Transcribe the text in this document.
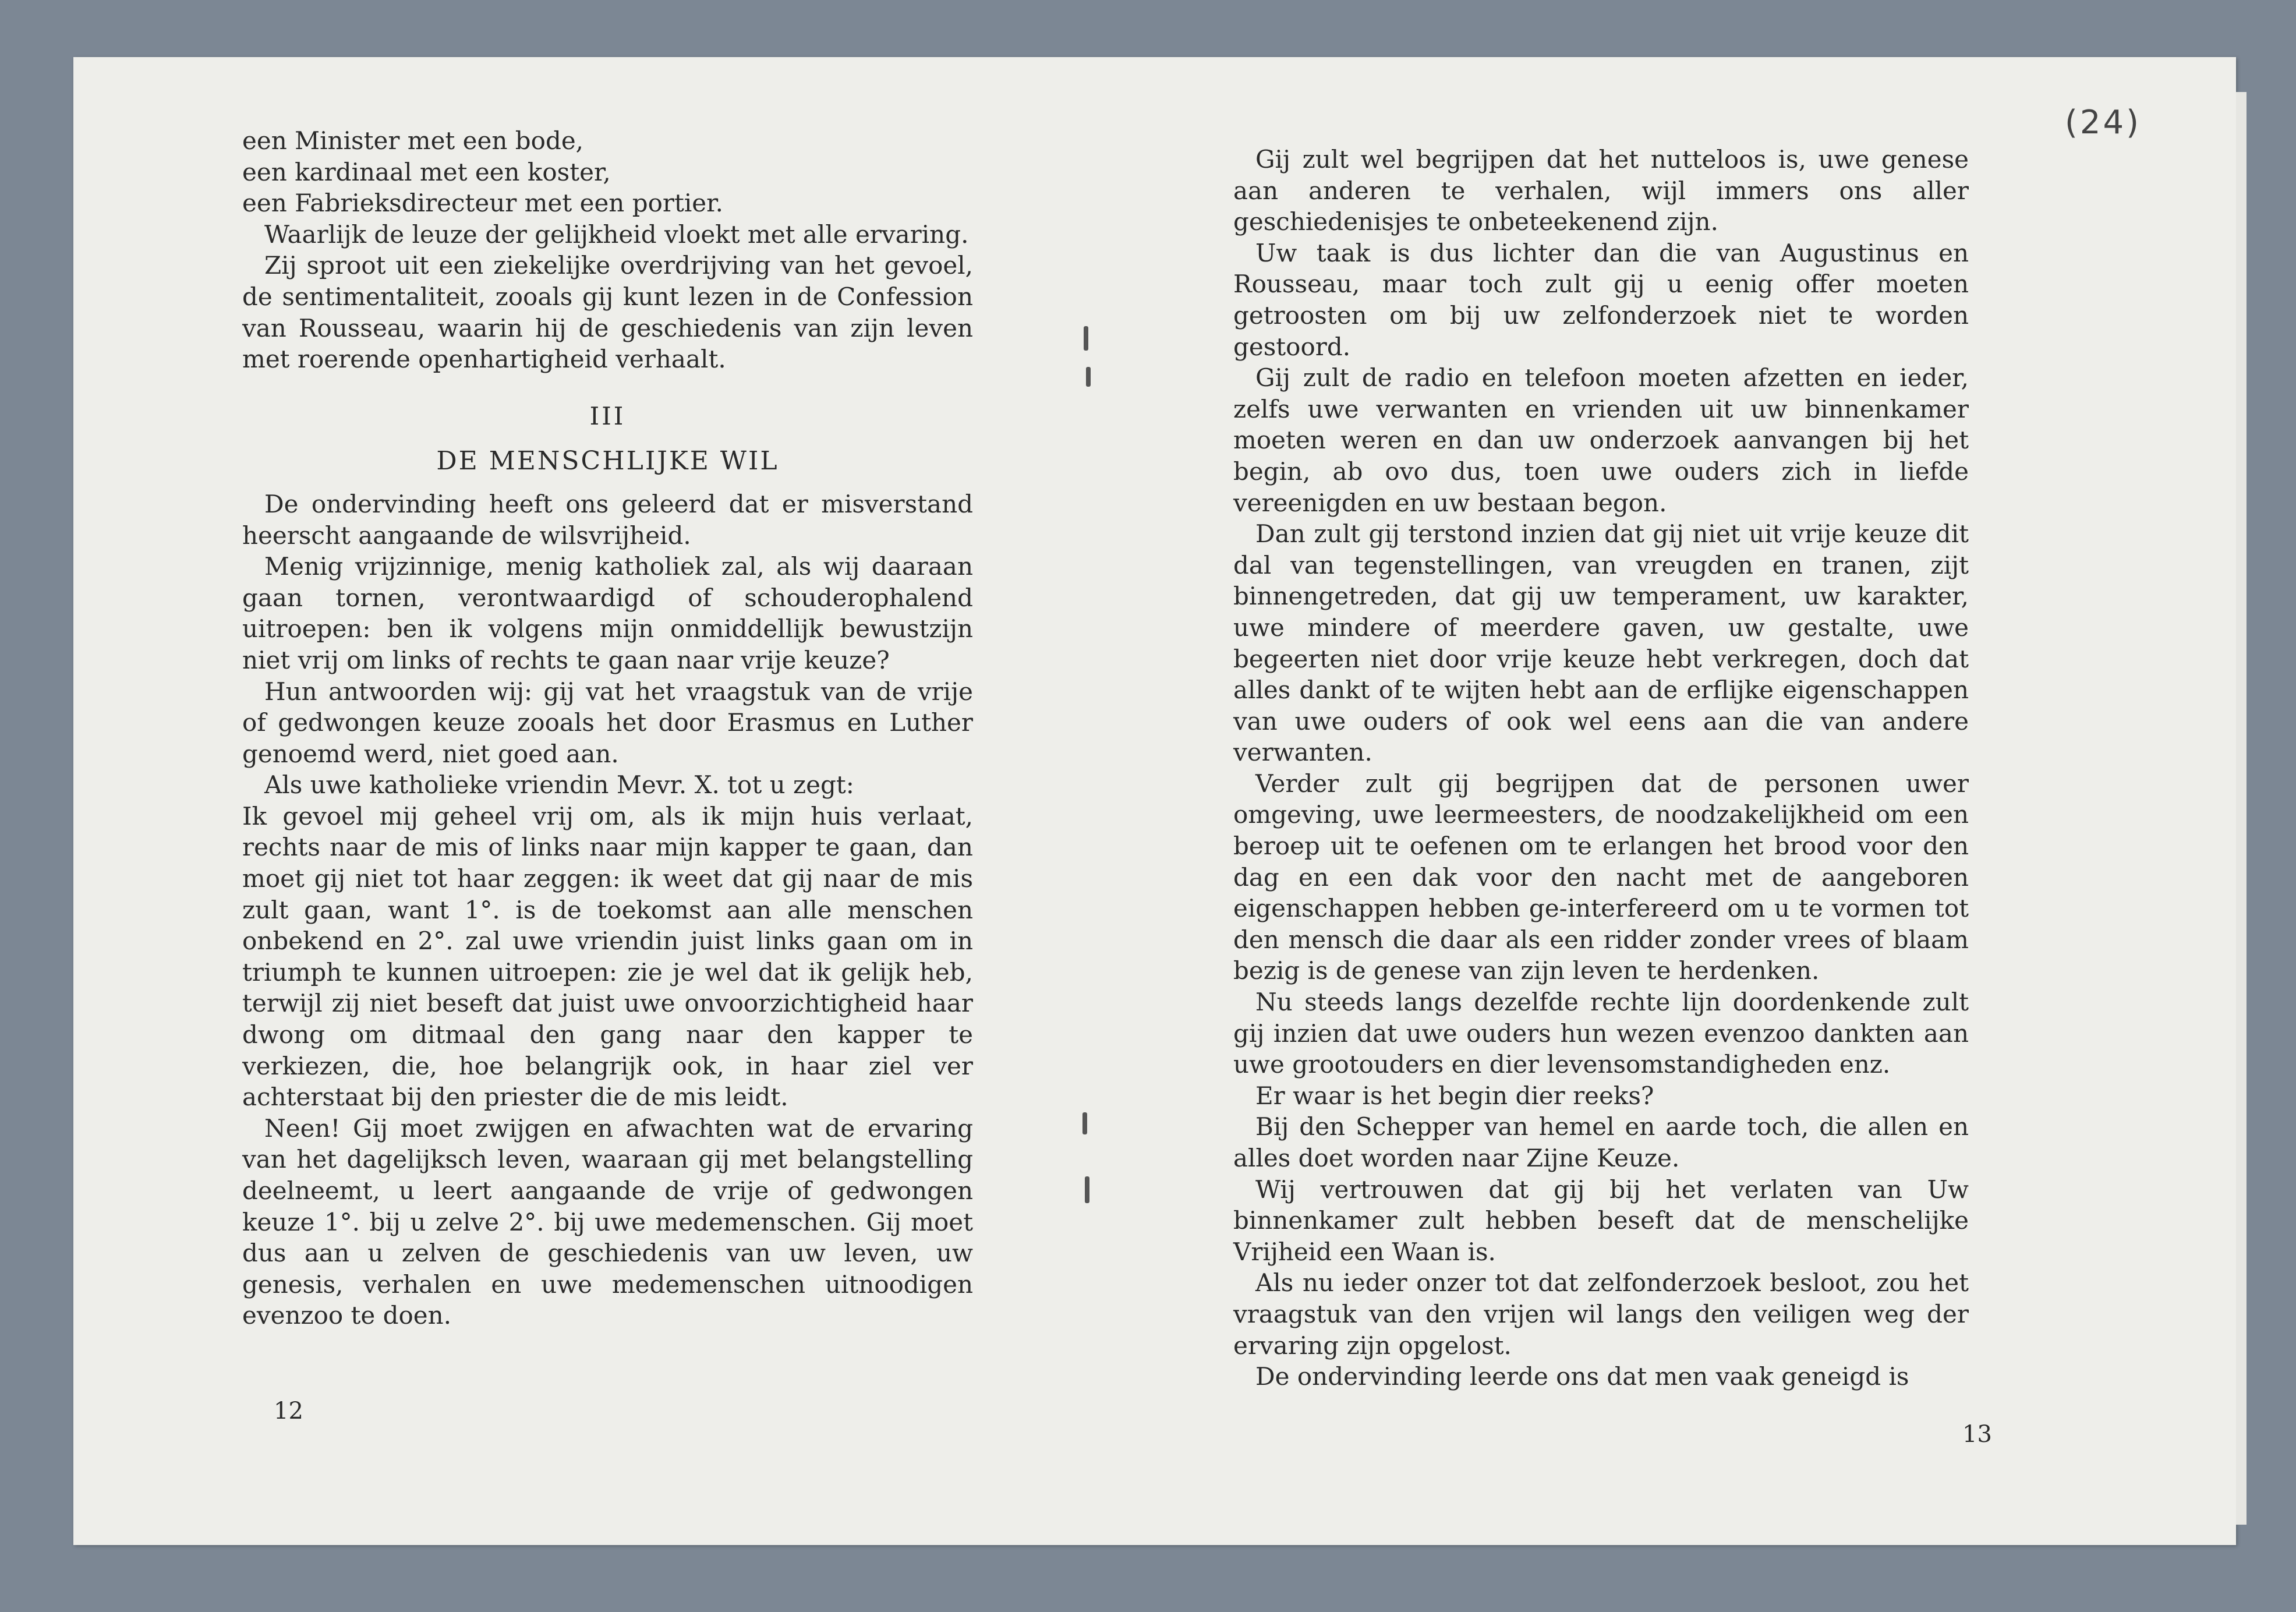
(24)

een Minister met een bode,

een kardinaal met een koster,

een Fabrieksdirecteur met een portier.

Waarlijk de leuze der gelijkheid vloekt met alle ervaring.

Zij sproot uit een ziekelijke overdrijving van het gevoel, de sentimentaliteit, zooals gij kunt lezen in de Confession van Rousseau, waarin hij de geschiedenis van zijn leven met roerende openhartigheid verhaalt.

III
DE MENSCHLIJKE WIL

De ondervinding heeft ons geleerd dat er misverstand heerscht aangaande de wilsvrijheid.

Menig vrijzinnige, menig katholiek zal, als wij daaraan gaan tornen, verontwaardigd of schouderophalend uitroepen: ben ik volgens mijn onmiddellijk bewustzijn niet vrij om links of rechts te gaan naar vrije keuze?

Hun antwoorden wij: gij vat het vraagstuk van de vrije of gedwongen keuze zooals het door Erasmus en Luther genoemd werd, niet goed aan.

Als uwe katholieke vriendin Mevr. X. tot u zegt:

Ik gevoel mij geheel vrij om, als ik mijn huis verlaat, rechts naar de mis of links naar mijn kapper te gaan, dan moet gij niet tot haar zeggen: ik weet dat gij naar de mis zult gaan, want 1°. is de toekomst aan alle menschen onbekend en 2°. zal uwe vriendin juist links gaan om in triumph te kunnen uitroepen: zie je wel dat ik gelijk heb, terwijl zij niet beseft dat juist uwe onvoorzichtigheid haar dwong om ditmaal den gang naar den kapper te verkiezen, die, hoe belangrijk ook, in haar ziel ver achterstaat bij den priester die de mis leidt.

Neen! Gij moet zwijgen en afwachten wat de ervaring van het dagelijksch leven, waaraan gij met belangstelling deelneemt, u leert aangaande de vrije of gedwongen keuze 1°. bij u zelve 2°. bij uwe medemenschen. Gij moet dus aan u zelven de geschiedenis van uw leven, uw genesis, verhalen en uwe medemenschen uitnoodigen evenzoo te doen.

12

Gij zult wel begrijpen dat het nutteloos is, uwe genese aan anderen te verhalen, wijl immers ons aller geschiedenisjes te onbeteekenend zijn.

Uw taak is dus lichter dan die van Augustinus en Rousseau, maar toch zult gij u eenig offer moeten getroosten om bij uw zelfonderzoek niet te worden gestoord.

Gij zult de radio en telefoon moeten afzetten en ieder, zelfs uwe verwanten en vrienden uit uw binnenkamer moeten weren en dan uw onderzoek aanvangen bij het begin, ab ovo dus, toen uwe ouders zich in liefde vereenigden en uw bestaan begon.

Dan zult gij terstond inzien dat gij niet uit vrije keuze dit dal van tegenstellingen, van vreugden en tranen, zijt binnengetreden, dat gij uw temperament, uw karakter, uwe mindere of meerdere gaven, uw gestalte, uwe begeerten niet door vrije keuze hebt verkregen, doch dat alles dankt of te wijten hebt aan de erflijke eigenschappen van uwe ouders of ook wel eens aan die van andere verwanten.

Verder zult gij begrijpen dat de personen uwer omgeving, uwe leermeesters, de noodzakelijkheid om een beroep uit te oefenen om te erlangen het brood voor den dag en een dak voor den nacht met de aangeboren eigenschappen hebben ge-interfereerd om u te vormen tot den mensch die daar als een ridder zonder vrees of blaam bezig is de genese van zijn leven te herdenken.

Nu steeds langs dezelfde rechte lijn doordenkende zult gij inzien dat uwe ouders hun wezen evenzoo dankten aan uwe grootouders en dier levensomstandigheden enz.

Er waar is het begin dier reeks?

Bij den Schepper van hemel en aarde toch, die allen en alles doet worden naar Zijne Keuze.

Wij vertrouwen dat gij bij het verlaten van Uw binnenkamer zult hebben beseft dat de menschelijke Vrijheid een Waan is.

Als nu ieder onzer tot dat zelfonderzoek besloot, zou het vraagstuk van den vrijen wil langs den veiligen weg der ervaring zijn opgelost.

De ondervinding leerde ons dat men vaak geneigd is

13
